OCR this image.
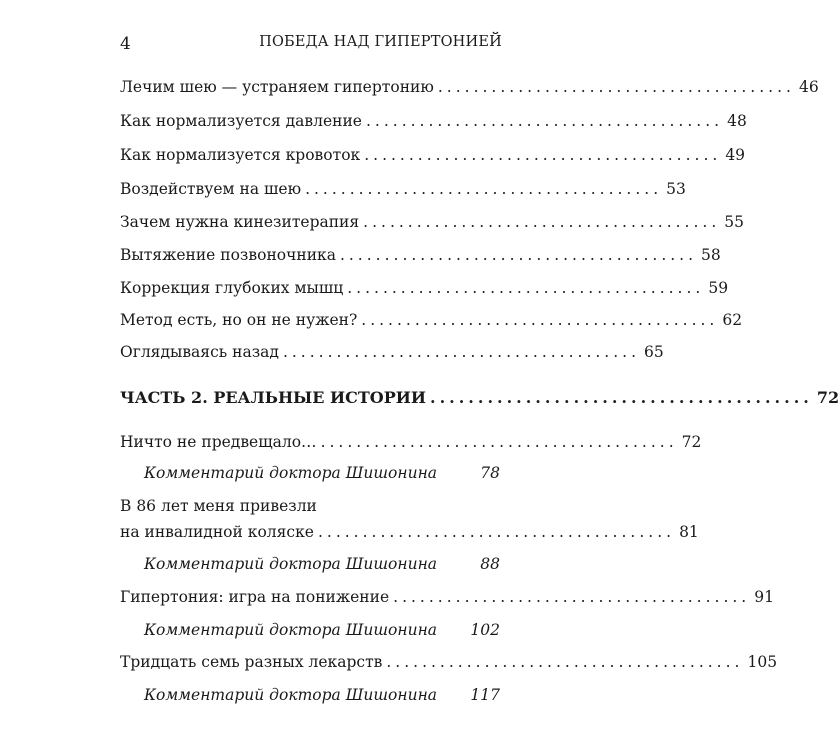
4	ПОБЕДА НАД ГИПЕРТОНИЕЙ
Лечим шею — устраняем гипертонию ........................................ 46
Как нормализуется давление ........................................ 48
Как нормализуется кровоток ........................................ 49
Воздействуем на шею ........................................ 53
Зачем нужна кинезитерапия ........................................ 55
Вытяжение позвоночника ........................................ 58
Коррекция глубоких мышц ........................................ 59
Метод есть, но он не нужен? ........................................ 62
Оглядываясь назад ........................................ 65
ЧАСТЬ 2. РЕАЛЬНЫЕ ИСТОРИИ ........................................ 72
Ничто не предвещало… ........................................ 72
Комментарий доктора Шишонина	78
В 86 лет меня привезли
на инвалидной коляске ........................................ 81
Комментарий доктора Шишонина	88
Гипертония: игра на понижение ........................................ 91
Комментарий доктора Шишонина 102
Тридцать семь разных лекарств ........................................ 105
Комментарий доктора Шишонина 117
